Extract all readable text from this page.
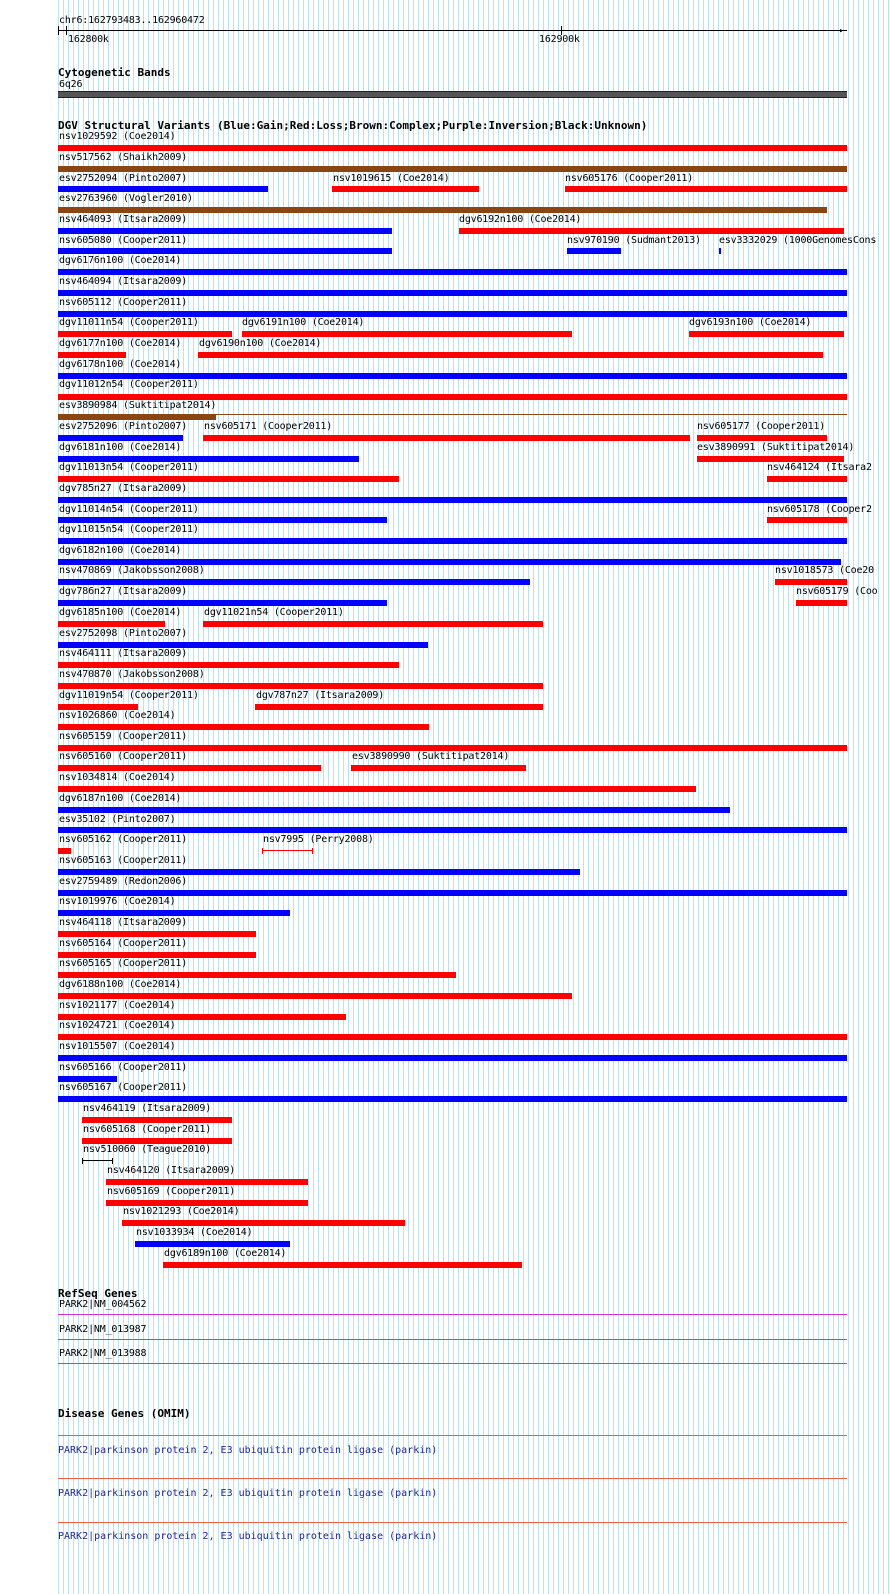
chr6:162793483..162960472
▸
162800k	162900k
Cytogenetic Bands
6q26
DGV Structural Variants (Blue:Gain;Red:Loss;Brown:Complex;Purple:Inversion;Black:Unknown)
nsv1029592 (Coe2014)
nsv517562 (Shaikh2009)
esv2752094 (Pinto2007)	nsv1019615 (Coe2014)	nsv605176 (Cooper2011)
esv2763960 (Vogler2010)
nsv464093 (Itsara2009)	dgv6192n100 (Coe2014)
nsv605080 (Cooper2011)	nsv970190 (Sudmant2013) esv3332029 (1000GenomesCons
dgv6176n100 (Coe2014)
nsv464094 (Itsara2009)
nsv605112 (Cooper2011)
dgv11011n54 (Cooper2011)	dgv6191n100 (Coe2014)	dgv6193n100 (Coe2014)
dgv6177n100 (Coe2014) dgv6190n100 (Coe2014)
dgv6178n100 (Coe2014)
dgv11012n54 (Cooper2011)
esv3890984 (Suktitipat2014)
esv2752096 (Pinto2007) nsv605171 (Cooper2011)	nsv605177 (Cooper2011)
dgv6181n100 (Coe2014)	esv3890991 (Suktitipat2014)
dgv11013n54 (Cooper2011)	nsv464124 (Itsara2
dgv785n27 (Itsara2009)
dgv11014n54 (Cooper2011)	nsv605178 (Cooper2
dgv11015n54 (Cooper2011)
dgv6182n100 (Coe2014)
nsv470869 (Jakobsson2008)	nsv1018573 (Coe20
dgv786n27 (Itsara2009)	nsv605179 (Coo
dgv6185n100 (Coe2014) dgv11021n54 (Cooper2011)
esv2752098 (Pinto2007)
nsv464111 (Itsara2009)
nsv470870 (Jakobsson2008)
dgv11019n54 (Cooper2011)	dgv787n27 (Itsara2009)
nsv1026860 (Coe2014)
nsv605159 (Cooper2011)
nsv605160 (Cooper2011)	esv3890990 (Suktitipat2014)
nsv1034814 (Coe2014)
dgv6187n100 (Coe2014)
esv35102 (Pinto2007)
nsv605162 (Cooper2011)	nsv7995 (Perry2008)
nsv605163 (Cooper2011)
esv2759489 (Redon2006)
nsv1019976 (Coe2014)
nsv464118 (Itsara2009)
nsv605164 (Cooper2011)
nsv605165 (Cooper2011)
dgv6188n100 (Coe2014)
nsv1021177 (Coe2014)
nsv1024721 (Coe2014)
nsv1015507 (Coe2014)
nsv605166 (Cooper2011)
nsv605167 (Cooper2011)
nsv464119 (Itsara2009)
nsv605168 (Cooper2011)
nsv510060 (Teague2010)
nsv464120 (Itsara2009)
nsv605169 (Cooper2011)
nsv1021293 (Coe2014)
nsv1033934 (Coe2014)
dgv6189n100 (Coe2014)
RefSeq Genes
PARK2|NM_004562
PARK2|NM_013987
PARK2|NM_013988
Disease Genes (OMIM)
PARK2|parkinson protein 2, E3 ubiquitin protein ligase (parkin)
PARK2|parkinson protein 2, E3 ubiquitin protein ligase (parkin)
PARK2|parkinson protein 2, E3 ubiquitin protein ligase (parkin)
